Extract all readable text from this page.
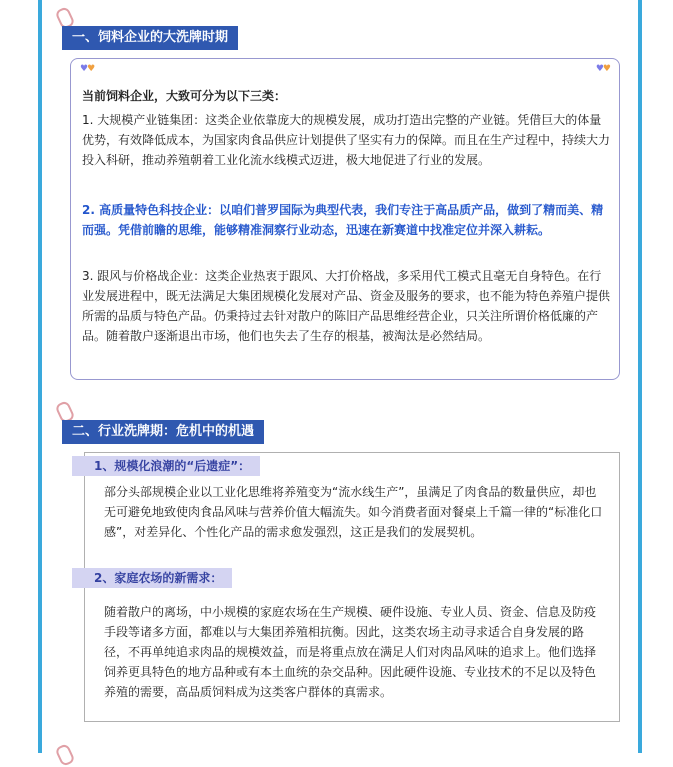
一、饲料企业的大洗牌时期
♥♥	♥♥

当前饲料企业，大致可分为以下三类：

1. 大规模产业链集团：这类企业依靠庞大的规模发展，成功打造出完整的产业链。凭借巨大的体量优势，有效降低成本，为国家肉食品供应计划提供了坚实有力的保障。而且在生产过程中，持续大力投入科研，推动养殖朝着工业化流水线模式迈进，极大地促进了行业的发展。

2. 高质量特色科技企业：以咱们普罗国际为典型代表，我们专注于高品质产品，做到了精而美、精而强。凭借前瞻的思维，能够精准洞察行业动态，迅速在新赛道中找准定位并深入耕耘。

3. 跟风与价格战企业：这类企业热衷于跟风、大打价格战，多采用代工模式且毫无自身特色。在行业发展进程中，既无法满足大集团规模化发展对产品、资金及服务的要求，也不能为特色养殖户提供所需的品质与特色产品。仍秉持过去针对散户的陈旧产品思维经营企业，只关注所谓价格低廉的产品。随着散户逐渐退出市场，他们也失去了生存的根基，被淘汰是必然结局。

二、行业洗牌期：危机中的机遇
1、规模化浪潮的“后遗症”：

部分头部规模企业以工业化思维将养殖变为“流水线生产”，虽满足了肉食品的数量供应，却也无可避免地致使肉食品风味与营养价值大幅流失。如今消费者面对餐桌上千篇一律的“标准化口感”，对差异化、个性化产品的需求愈发强烈，这正是我们的发展契机。

2、家庭农场的新需求：

随着散户的离场，中小规模的家庭农场在生产规模、硬件设施、专业人员、资金、信息及防疫手段等诸多方面，都难以与大集团养殖相抗衡。因此，这类农场主动寻求适合自身发展的路径，不再单纯追求肉品的规模效益，而是将重点放在满足人们对肉品风味的追求上。他们选择饲养更具特色的地方品种或有本土血统的杂交品种。因此硬件设施、专业技术的不足以及特色养殖的需要，高品质饲料成为这类客户群体的真需求。
